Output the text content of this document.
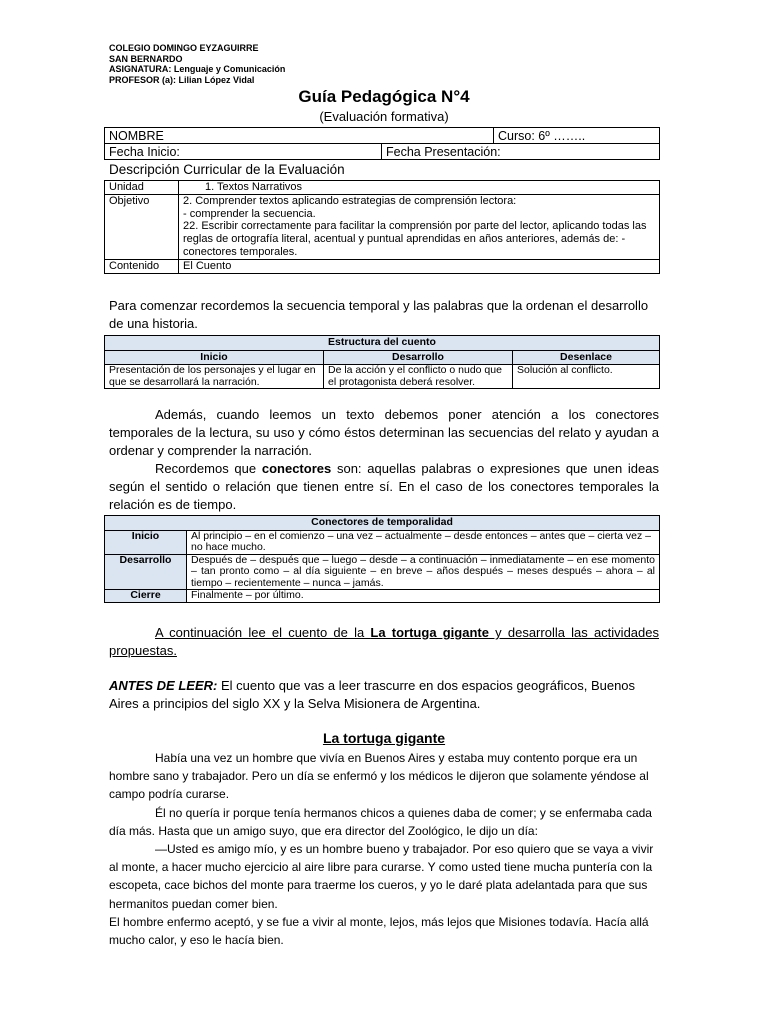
COLEGIO DOMINGO EYZAGUIRRE
SAN BERNARDO
ASIGNATURA: Lenguaje y Comunicación
PROFESOR (a): Lilian López Vidal
Guía Pedagógica N°4
(Evaluación formativa)
NOMBRE	Curso: 6º ……..

Fecha Inicio:	Fecha Presentación:
Descripción Curricular de la Evaluación
Unidad	1. Textos Narrativos
Objetivo	2. Comprender textos aplicando estrategias de comprensión lectora:
- comprender la secuencia.
22. Escribir correctamente para facilitar la comprensión por parte del lector, aplicando todas las reglas de ortografía literal, acentual y puntual aprendidas en años anteriores, además de: - conectores temporales.

Contenido	El Cuento
Para comenzar recordemos la secuencia temporal y las palabras que la ordenan el desarrollo de una historia.
Estructura del cuento		
Inicio	Desarrollo	Desenlace
Presentación de los personajes y el lugar en que se desarrollará la narración.	De la acción y el conflicto o nudo que el protagonista deberá resolver.	Solución al conflicto.
Además, cuando leemos un texto debemos poner atención a los conectores temporales de la lectura, su uso y cómo éstos determinan las secuencias del relato y ayudan a ordenar y comprender la narración.
Recordemos que conectores son: aquellas palabras o expresiones que unen ideas según el sentido o relación que tienen entre sí. En el caso de los conectores temporales la relación es de tiempo.
Conectores de temporalidad	
Inicio	Al principio – en el comienzo – una vez – actualmente – desde entonces – antes que – cierta vez – no hace mucho.
Desarrollo	Después de – después que – luego – desde – a continuación – inmediatamente – en ese momento – tan pronto como – al día siguiente – en breve – años después – meses después – ahora – al tiempo – recientemente – nunca – jamás.
Cierre	Finalmente – por último.
A continuación lee el cuento de la La tortuga gigante y desarrolla las actividades propuestas.
ANTES DE LEER: El cuento que vas a leer trascurre en dos espacios geográficos, Buenos Aires a principios del siglo XX y la Selva Misionera de Argentina.
La tortuga gigante
Había una vez un hombre que vivía en Buenos Aires y estaba muy contento porque era un hombre sano y trabajador. Pero un día se enfermó y los médicos le dijeron que solamente yéndose al campo podría curarse.
Él no quería ir porque tenía hermanos chicos a quienes daba de comer; y se enfermaba cada día más. Hasta que un amigo suyo, que era director del Zoológico, le dijo un día:
—Usted es amigo mío, y es un hombre bueno y trabajador. Por eso quiero que se vaya a vivir al monte, a hacer mucho ejercicio al aire libre para curarse. Y como usted tiene mucha puntería con la escopeta, cace bichos del monte para traerme los cueros, y yo le daré plata adelantada para que sus hermanitos puedan comer bien.
El hombre enfermo aceptó, y se fue a vivir al monte, lejos, más lejos que Misiones todavía. Hacía allá mucho calor, y eso le hacía bien.
